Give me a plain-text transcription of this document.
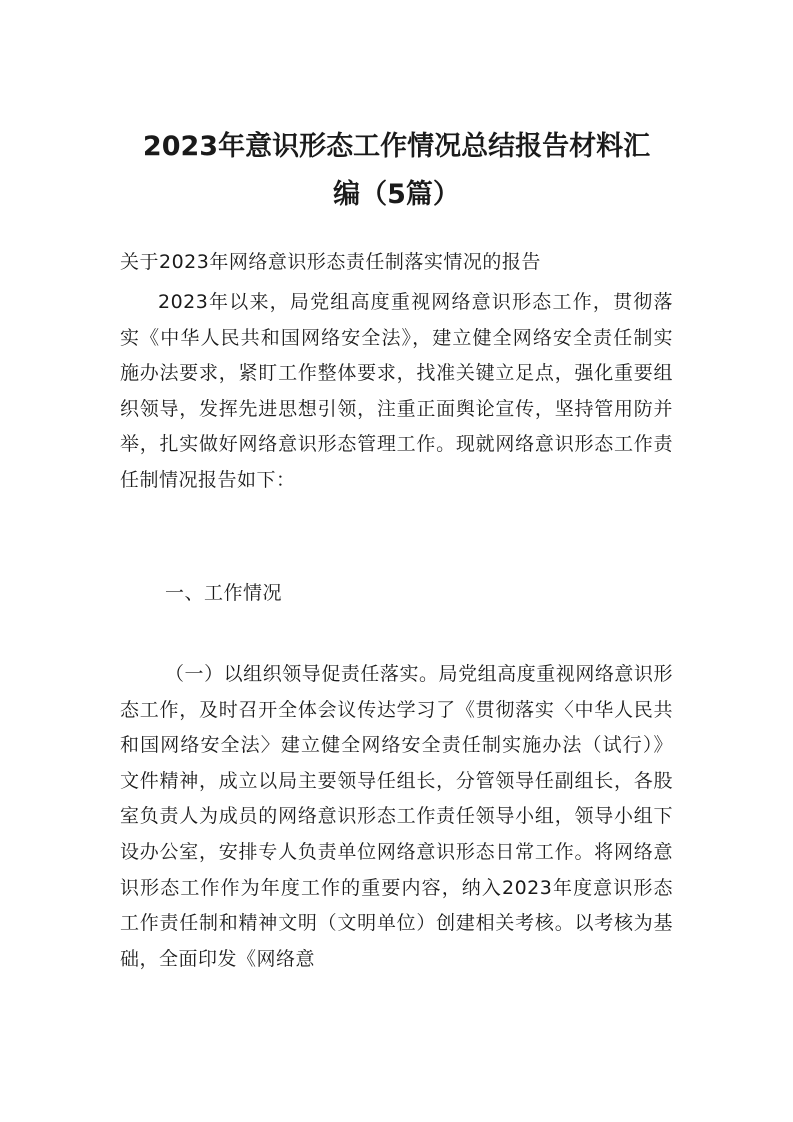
2023年意识形态工作情况总结报告材料汇
编（5篇）

关于2023年网络意识形态责任制落实情况的报告

2023年以来，局党组高度重视网络意识形态工作，贯彻落实《中华人民共和国网络安全法》，建立健全网络安全责任制实施办法要求，紧盯工作整体要求，找准关键立足点，强化重要组织领导，发挥先进思想引领，注重正面舆论宣传，坚持管用防并举，扎实做好网络意识形态管理工作。现就网络意识形态工作责任制情况报告如下：

一、工作情况

（一）以组织领导促责任落实。局党组高度重视网络意识形态工作，及时召开全体会议传达学习了《贯彻落实〈中华人民共和国网络安全法〉建立健全网络安全责任制实施办法（试行）》文件精神，成立以局主要领导任组长，分管领导任副组长，各股室负责人为成员的网络意识形态工作责任领导小组，领导小组下设办公室，安排专人负责单位网络意识形态日常工作。将网络意识形态工作作为年度工作的重要内容，纳入2023年度意识形态工作责任制和精神文明（文明单位）创建相关考核。以考核为基础，全面印发《网络意
